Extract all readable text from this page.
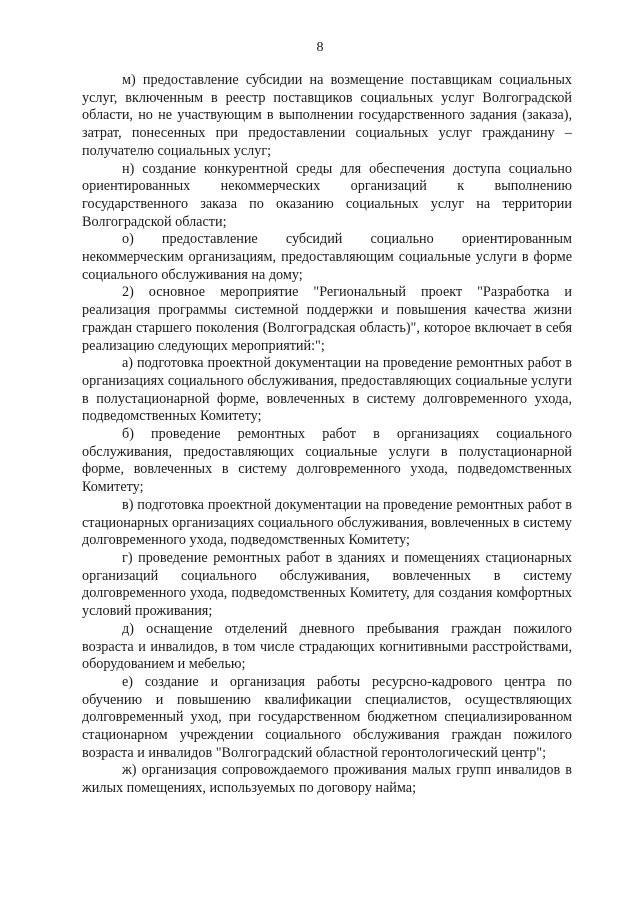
8

м) предоставление субсидии на возмещение поставщикам социальных услуг, включенным в реестр поставщиков социальных услуг Волгоградской области, но не участвующим в выполнении государственного задания (заказа), затрат, понесенных при предоставлении социальных услуг гражданину – получателю социальных услуг;

н) создание конкурентной среды для обеспечения доступа социально ориентированных некоммерческих организаций к выполнению государственного заказа по оказанию социальных услуг на территории Волгоградской области;

о) предоставление субсидий социально ориентированным некоммерческим организациям, предоставляющим социальные услуги в форме социального обслуживания на дому;

2) основное мероприятие "Региональный проект "Разработка и реализация программы системной поддержки и повышения качества жизни граждан старшего поколения (Волгоградская область)", которое включает в себя реализацию следующих мероприятий:";

а) подготовка проектной документации на проведение ремонтных работ в организациях социального обслуживания, предоставляющих социальные услуги в полустационарной форме, вовлеченных в систему долговременного ухода, подведомственных Комитету;

б) проведение ремонтных работ в организациях социального обслуживания, предоставляющих социальные услуги в полустационарной форме, вовлеченных в систему долговременного ухода, подведомственных Комитету;

в) подготовка проектной документации на проведение ремонтных работ в стационарных организациях социального обслуживания, вовлеченных в систему долговременного ухода, подведомственных Комитету;

г) проведение ремонтных работ в зданиях и помещениях стационарных организаций социального обслуживания, вовлеченных в систему долговременного ухода, подведомственных Комитету, для создания комфортных условий проживания;

д) оснащение отделений дневного пребывания граждан пожилого возраста и инвалидов, в том числе страдающих когнитивными расстройствами, оборудованием и мебелью;

е) создание и организация работы ресурсно-кадрового центра по обучению и повышению квалификации специалистов, осуществляющих долговременный уход, при государственном бюджетном специализированном стационарном учреждении социального обслуживания граждан пожилого возраста и инвалидов "Волгоградский областной геронтологический центр";

ж) организация сопровождаемого проживания малых групп инвалидов в жилых помещениях, используемых по договору найма;
